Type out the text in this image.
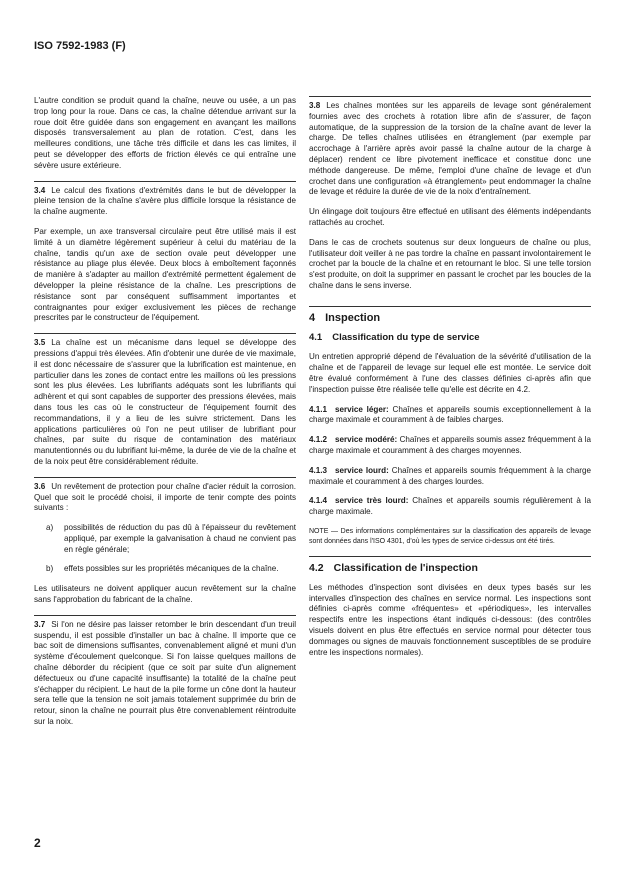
ISO 7592-1983 (F)

L'autre condition se produit quand la chaîne, neuve ou usée, a un pas trop long pour la roue. Dans ce cas, la chaîne détendue arrivant sur la roue doit être guidée dans son engagement en avançant les maillons disposés transversalement au plan de rotation. C'est, dans les meilleures conditions, une tâche très difficile et dans les cas limites, il peut se développer des efforts de friction élevés ce qui entraîne une sévère usure extérieure.

3.4 Le calcul des fixations d'extrémités dans le but de développer la pleine tension de la chaîne s'avère plus difficile lorsque la résistance de la chaîne augmente.

Par exemple, un axe transversal circulaire peut être utilisé mais il est limité à un diamètre légèrement supérieur à celui du matériau de la chaîne, tandis qu'un axe de section ovale peut développer une résistance au pliage plus élevée. Deux blocs à emboîtement façonnés de manière à s'adapter au maillon d'extrémité permettent également de développer la pleine résistance de la chaîne. Les prescriptions de résistance sont par conséquent suffisamment importantes et contraignantes pour exiger exclusivement les pièces de rechange prescrites par le constructeur de l'équipement.

3.5 La chaîne est un mécanisme dans lequel se développe des pressions d'appui très élevées. Afin d'obtenir une durée de vie maximale, il est donc nécessaire de s'assurer que la lubrification est maintenue, en particulier dans les zones de contact entre les maillons où les pressions sont les plus élevées. Les lubrifiants adéquats sont les lubrifiants qui adhèrent et qui sont capables de supporter des pressions élevées, mais dans tous les cas où le constructeur de l'équipement fournit des recommandations, il y a lieu de les suivre strictement. Dans les applications particulières où l'on ne peut utiliser de lubrifiant pour chaînes, par suite du risque de contamination des matériaux manutentionnés ou du lubrifiant lui-même, la durée de vie de la chaîne et de la noix peut être considérablement réduite.

3.6 Un revêtement de protection pour chaîne d'acier réduit la corrosion. Quel que soit le procédé choisi, il importe de tenir compte des points suivants :

a)	possibilités de réduction du pas dû à l'épaisseur du revêtement appliqué, par exemple la galvanisation à chaud ne convient pas en règle générale;
b)	effets possibles sur les propriétés mécaniques de la chaîne.

Les utilisateurs ne doivent appliquer aucun revêtement sur la chaîne sans l'approbation du fabricant de la chaîne.

3.7 Si l'on ne désire pas laisser retomber le brin descendant d'un treuil suspendu, il est possible d'installer un bac à chaîne. Il importe que ce bac soit de dimensions suffisantes, convenablement aligné et muni d'un système d'écoulement quelconque. Si l'on laisse quelques maillons de chaîne déborder du récipient (que ce soit par suite d'un alignement défectueux ou d'une capacité insuffisante) la totalité de la chaîne peut s'échapper du récipient. Le haut de la pile forme un cône dont la hauteur sera telle que la tension ne soit jamais totalement supprimée du brin de retour, sinon la chaîne ne pourrait plus être convenablement réintroduite sur la noix.

3.8 Les chaînes montées sur les appareils de levage sont généralement fournies avec des crochets à rotation libre afin de s'assurer, de façon automatique, de la suppression de la torsion de la chaîne avant de lever la charge. De telles chaînes utilisées en étranglement (par exemple par accrochage à l'arrière après avoir passé la chaîne autour de la charge à déplacer) rendent ce libre pivotement inefficace et constitue donc une méthode dangereuse. De même, l'emploi d'une chaîne de levage et d'un crochet dans une configuration «à étranglement» peut endommager la chaîne de levage et réduire la durée de vie de la noix d'entraînement.

Un élingage doit toujours être effectué en utilisant des éléments indépendants rattachés au crochet.

Dans le cas de crochets soutenus sur deux longueurs de chaîne ou plus, l'utilisateur doit veiller à ne pas tordre la chaîne en passant involontairement le crochet par la boucle de la chaîne et en retournant le bloc. Si une telle torsion s'est produite, on doit la supprimer en passant le crochet par les boucles de la chaîne dans le sens inverse.

4 Inspection
4.1 Classification du type de service

Un entretien approprié dépend de l'évaluation de la sévérité d'utilisation de la chaîne et de l'appareil de levage sur lequel elle est montée. Le service doit être évalué conformément à l'une des classes définies ci-après afin que l'inspection puisse être réalisée telle qu'elle est décrite en 4.2.

4.1.1 service léger: Chaînes et appareils soumis exceptionnellement à la charge maximale et couramment à de faibles charges.

4.1.2 service modéré: Chaînes et appareils soumis assez fréquemment à la charge maximale et couramment à des charges moyennes.

4.1.3 service lourd: Chaînes et appareils soumis fréquemment à la charge maximale et couramment à des charges lourdes.

4.1.4 service très lourd: Chaînes et appareils soumis régulièrement à la charge maximale.

NOTE — Des informations complémentaires sur la classification des appareils de levage sont données dans l'ISO 4301, d'où les types de service ci-dessus ont été tirés.

4.2 Classification de l'inspection

Les méthodes d'inspection sont divisées en deux types basés sur les intervalles d'inspection des chaînes en service normal. Les inspections sont définies ci-après comme «fréquentes» et «périodiques», les intervalles respectifs entre les inspections étant indiqués ci-dessous: (des contrôles visuels doivent en plus être effectués en service normal pour détecter tous dommages ou signes de mauvais fonctionnement susceptibles de se produire entre les inspections normales).

2
